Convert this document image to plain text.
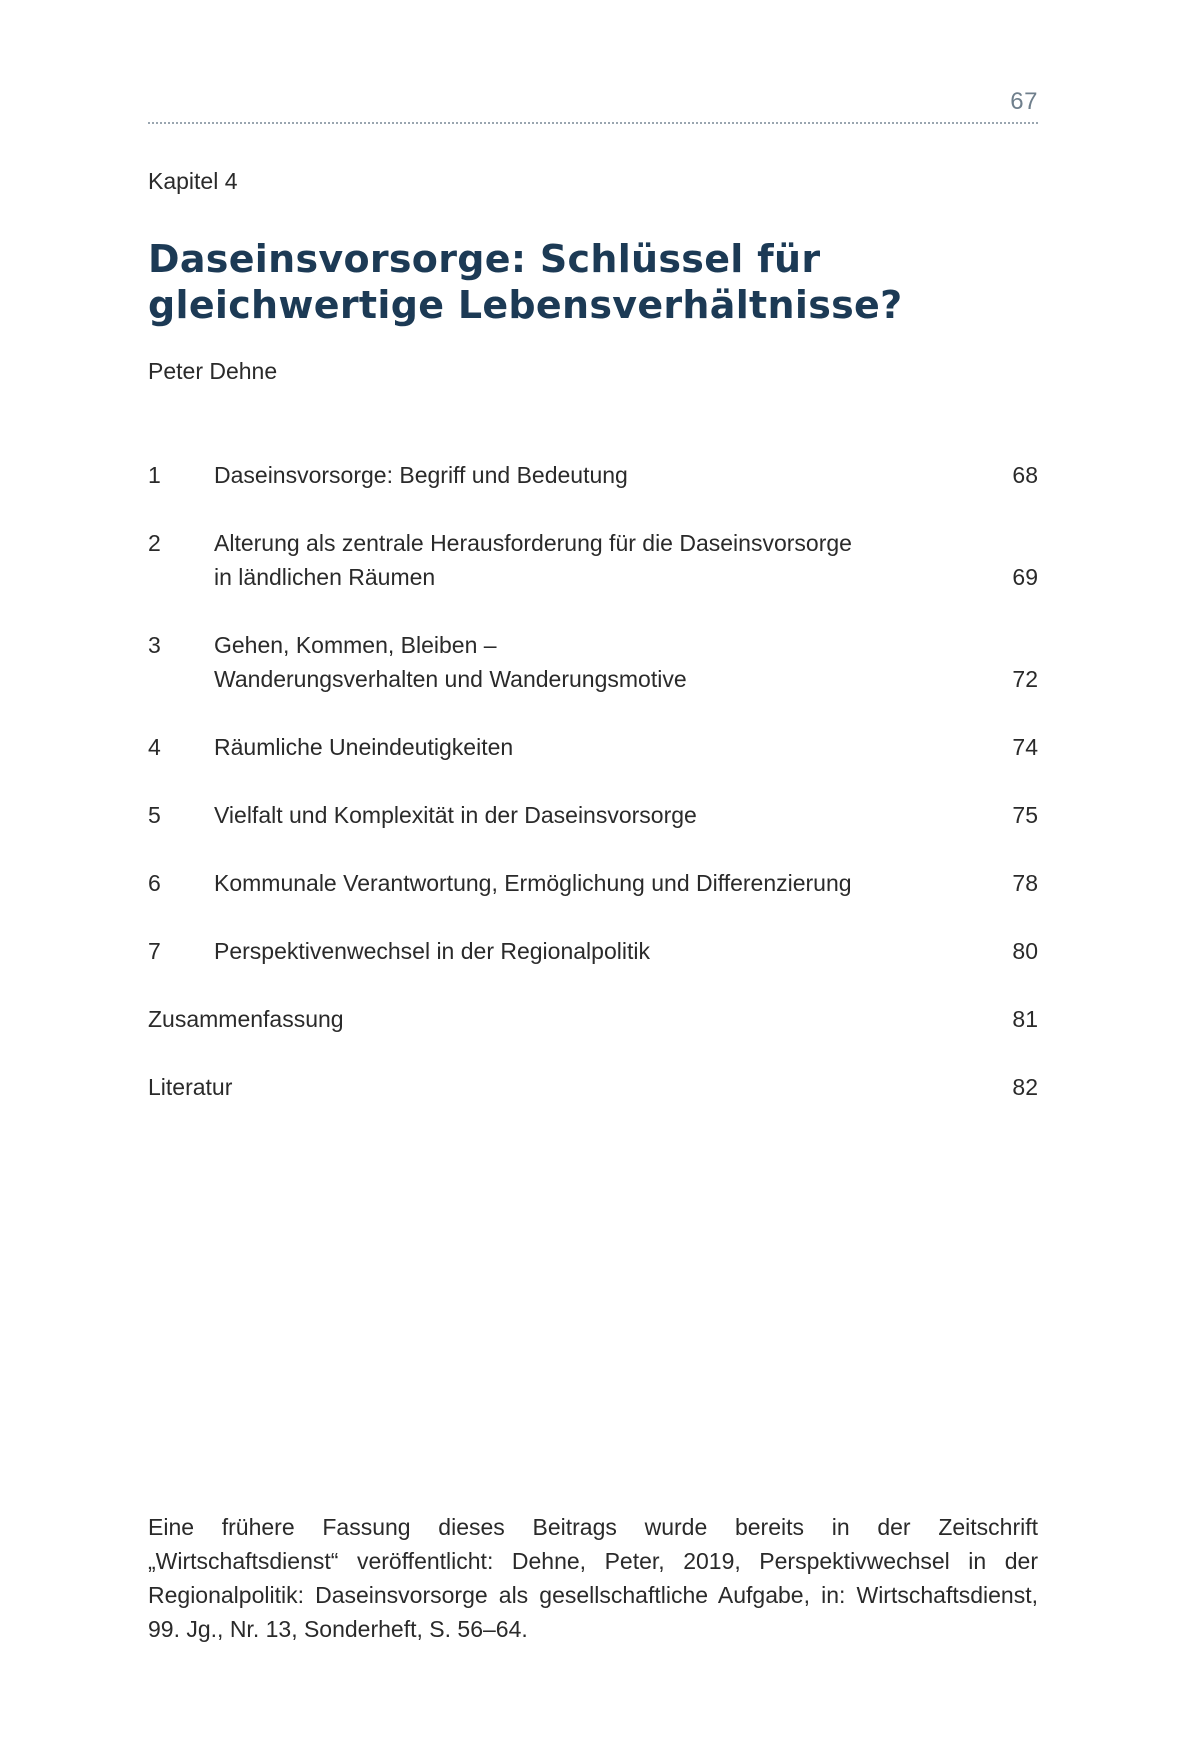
67
Kapitel 4
Daseinsvorsorge: Schlüssel für
gleichwertige Lebensverhältnisse?
Peter Dehne
1 Daseinsvorsorge: Begriff und Bedeutung	68
2 Alterung als zentrale Herausforderung für die Daseinsvorsorge
in ländlichen Räumen	69
3 Gehen, Kommen, Bleiben –
Wanderungsverhalten und Wanderungsmotive	72
4 Räumliche Uneindeutigkeiten	74
5 Vielfalt und Komplexität in der Daseinsvorsorge	75
6 Kommunale Verantwortung, Ermöglichung und Differenzierung	78
7 Perspektivenwechsel in der Regionalpolitik	80
Zusammenfassung	81
Literatur	82

Eine frühere Fassung dieses Beitrags wurde bereits in der Zeitschrift „Wirtschaftsdienst“ veröffentlicht: Dehne, Peter, 2019, Perspektivwechsel in der Regionalpolitik: Daseinsvorsorge als gesellschaftliche Aufgabe, in: Wirtschaftsdienst, 99. Jg., Nr. 13, Sonderheft, S. 56–64.
